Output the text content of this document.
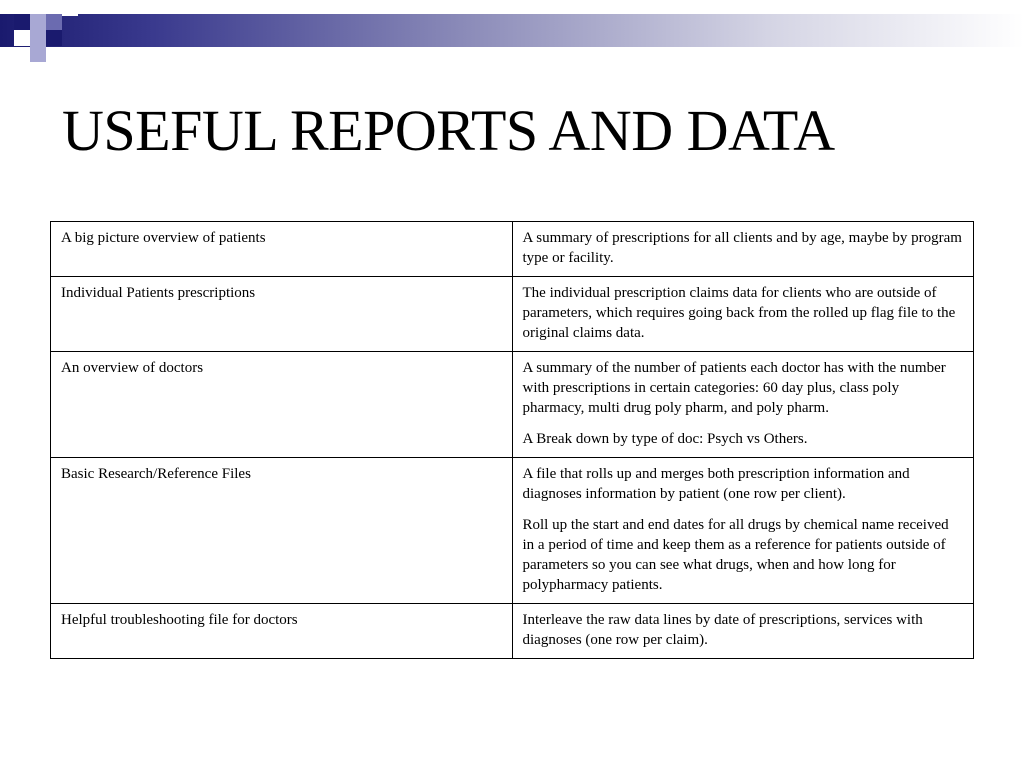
USEFUL REPORTS AND DATA

A big picture overview of patients	A summary of prescriptions for all clients and by age, maybe by program type or facility.

Individual Patients prescriptions	The individual prescription claims data for clients who are outside of parameters, which requires going back from the rolled up flag file to the original claims data.

An overview of doctors	A summary of the number of patients each doctor has with the number with prescriptions in certain categories: 60 day plus, class poly pharmacy, multi drug poly pharm, and poly pharm.

A Break down by type of doc: Psych vs Others.

Basic Research/Reference Files	A file that rolls up and merges both prescription information and diagnoses information by patient (one row per client).

Roll up the start and end dates for all drugs by chemical name received in a period of time and keep them as a reference for patients outside of parameters so you can see what drugs, when and how long for polypharmacy patients.

Helpful troubleshooting file for doctors	Interleave the raw data lines by date of prescriptions, services with diagnoses (one row per claim).
